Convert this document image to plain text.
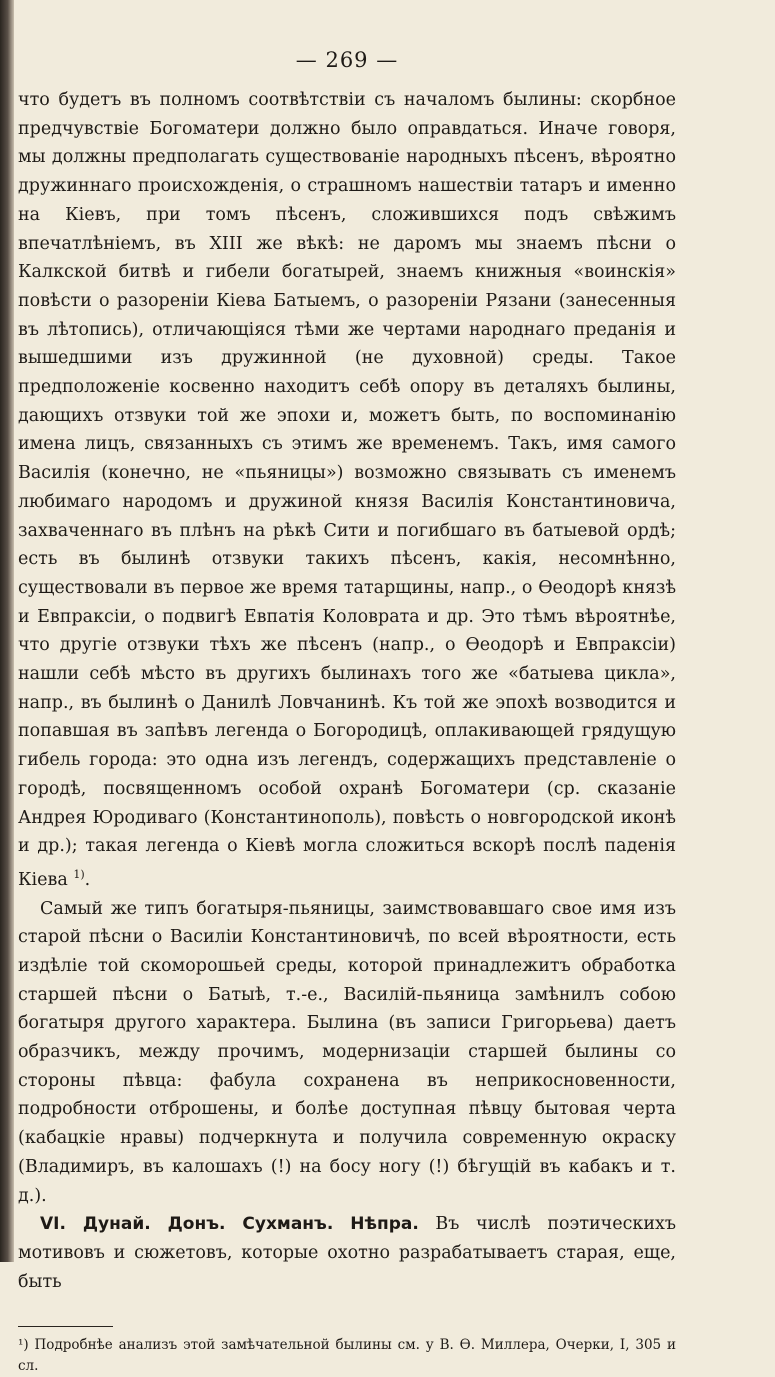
— 269 —

что будетъ въ полномъ соотвѣтствіи съ началомъ былины: скорбное предчувствіе Богоматери должно было оправдаться. Иначе говоря, мы должны предполагать существованіе народныхъ пѣсенъ, вѣроятно дружиннаго происхожденія, о страшномъ нашествіи татаръ и именно на Кіевъ, при томъ пѣсенъ, сложившихся подъ свѣжимъ впечатлѣніемъ, въ XIII же вѣкѣ: не даромъ мы знаемъ пѣсни о Калкской битвѣ и гибели богатырей, знаемъ книжныя «воинскія» повѣсти о разореніи Кіева Батыемъ, о разореніи Рязани (занесенныя въ лѣтопись), отличающіяся тѣми же чертами народнаго преданія и вышедшими изъ дружинной (не духовной) среды. Такое предположеніе косвенно находитъ себѣ опору въ деталяхъ былины, дающихъ отзвуки той же эпохи и, можетъ быть, по воспоминанію имена лицъ, связанныхъ съ этимъ же временемъ. Такъ, имя самого Василія (конечно, не «пьяницы») возможно связывать съ именемъ любимаго народомъ и дружиной князя Василія Константиновича, захваченнаго въ плѣнъ на рѣкѣ Сити и погибшаго въ батыевой ордѣ; есть въ былинѣ отзвуки такихъ пѣсенъ, какія, несомнѣнно, существовали въ первое же время татарщины, напр., о Ѳеодорѣ князѣ и Евпраксіи, о подвигѣ Евпатія Коловрата и др. Это тѣмъ вѣроятнѣе, что другіе отзвуки тѣхъ же пѣсенъ (напр., о Ѳеодорѣ и Евпраксіи) нашли себѣ мѣсто въ другихъ былинахъ того же «батыева цикла», напр., въ былинѣ о Данилѣ Ловчанинѣ. Къ той же эпохѣ возводится и попавшая въ запѣвъ легенда о Богородицѣ, оплакивающей грядущую гибель города: это одна изъ легендъ, содержащихъ представленіе о городѣ, посвященномъ особой охранѣ Богоматери (ср. сказаніе Андрея Юродиваго (Константинополь), повѣсть о новгородской иконѣ и др.); такая легенда о Кіевѣ могла сложиться вскорѣ послѣ паденія Кіева $^{1)}$.

Самый же типъ богатыря-пьяницы, заимствовавшаго свое имя изъ старой пѣсни о Василіи Константиновичѣ, по всей вѣроятности, есть издѣліе той скоморошьей среды, которой принадлежитъ обработка старшей пѣсни о Батыѣ, т.-е., Василій-пьяница замѣнилъ собою богатыря другого характера. Былина (въ записи Григорьева) даетъ образчикъ, между прочимъ, модернизаціи старшей былины со стороны пѣвца: фабула сохранена въ неприкосновенности, подробности отброшены, и болѣе доступная пѣвцу бытовая черта (кабацкіе нравы) подчеркнута и получила современную окраску (Владимиръ, въ калошахъ (!) на босу ногу (!) бѣгущій въ кабакъ и т. д.).

VI. Дунай. Донъ. Сухманъ. Нѣпра. Въ числѣ поэтическихъ мотивовъ и сюжетовъ, которые охотно разрабатываетъ старая, еще, быть

¹) Подробнѣе анализъ этой замѣчательной былины см. у В. Ѳ. Миллера, Очерки, I, 305 и сл.
